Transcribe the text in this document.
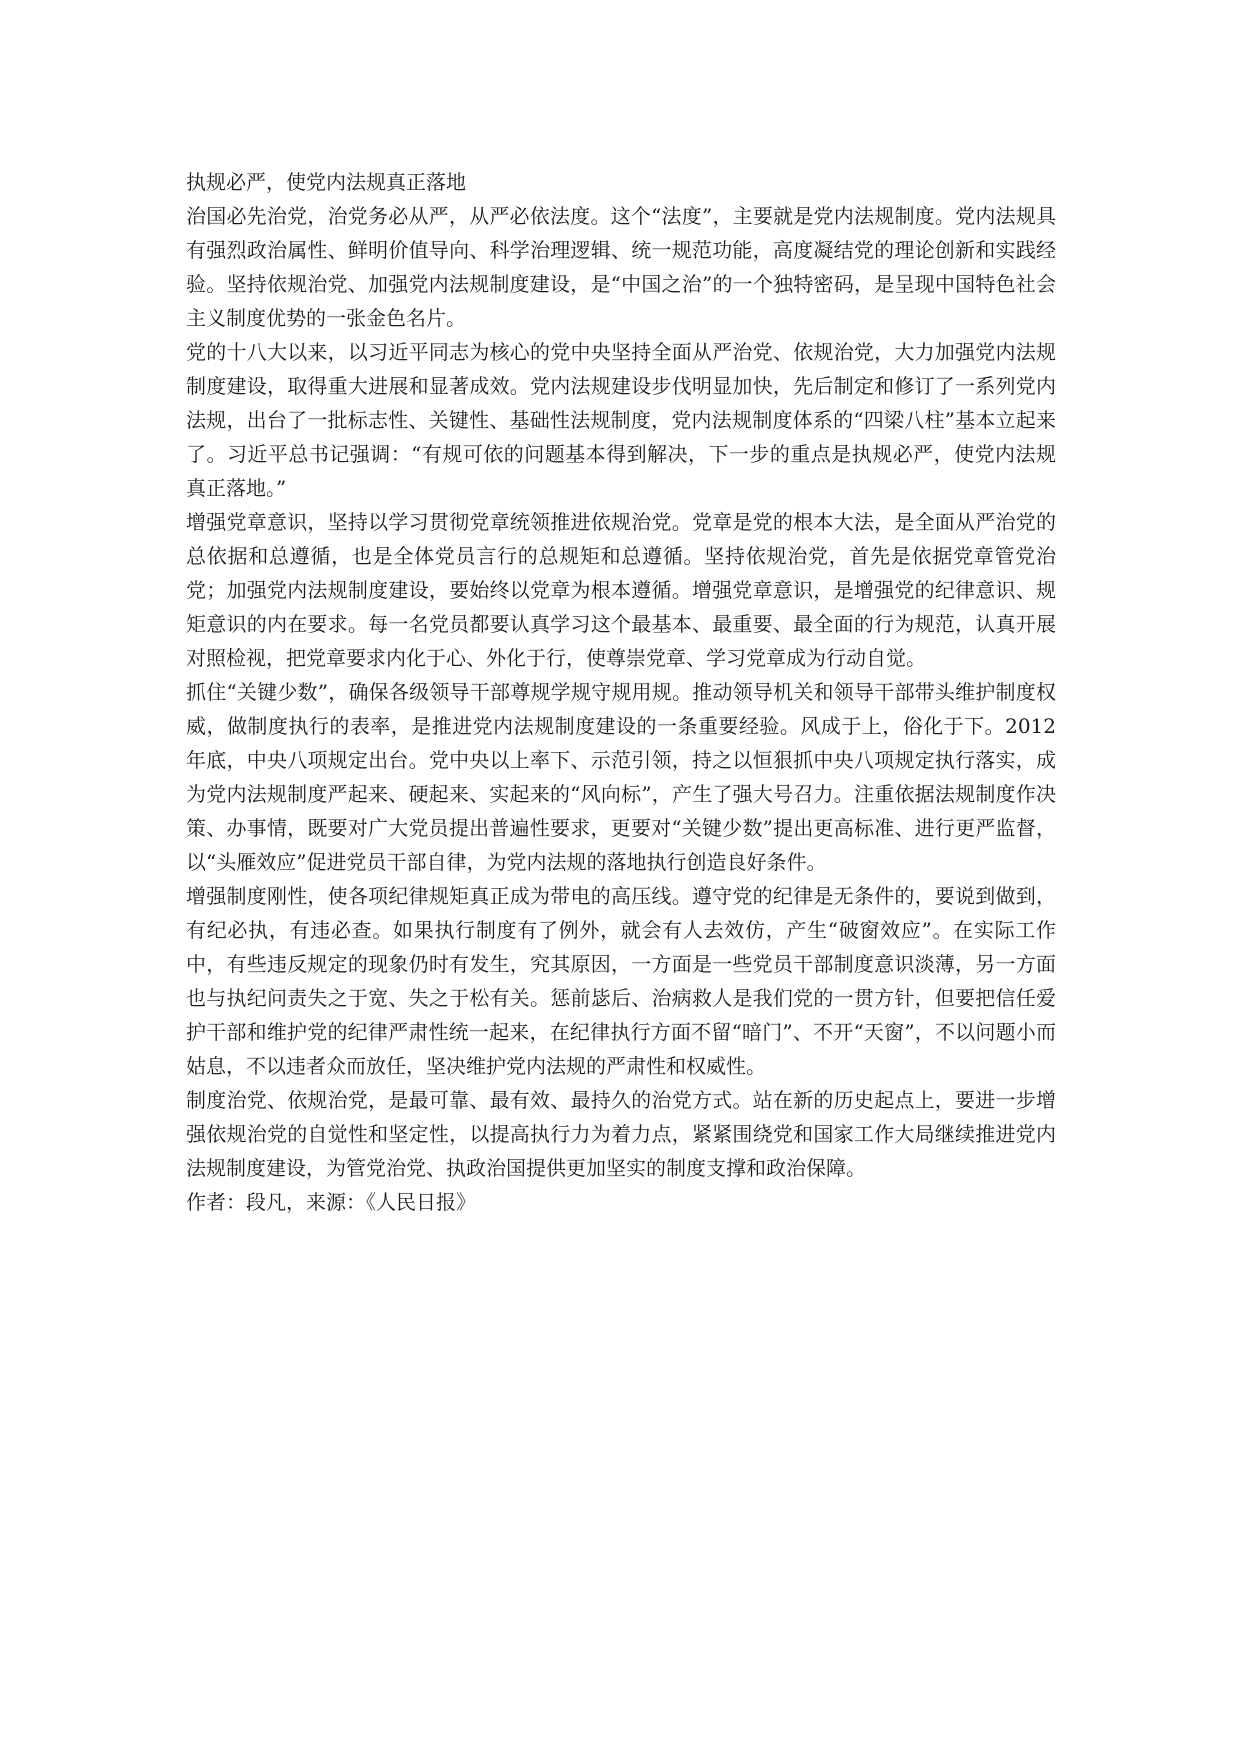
执规必严，使党内法规真正落地

治国必先治党，治党务必从严，从严必依法度。这个“法度”，主要就是党内法规制度。党内法规具有强烈政治属性、鲜明价值导向、科学治理逻辑、统一规范功能，高度凝结党的理论创新和实践经验。坚持依规治党、加强党内法规制度建设，是“中国之治”的一个独特密码，是呈现中国特色社会主义制度优势的一张金色名片。

党的十八大以来，以习近平同志为核心的党中央坚持全面从严治党、依规治党，大力加强党内法规制度建设，取得重大进展和显著成效。党内法规建设步伐明显加快，先后制定和修订了一系列党内法规，出台了一批标志性、关键性、基础性法规制度，党内法规制度体系的“四梁八柱”基本立起来了。习近平总书记强调：“有规可依的问题基本得到解决，下一步的重点是执规必严，使党内法规真正落地。”

增强党章意识，坚持以学习贯彻党章统领推进依规治党。党章是党的根本大法，是全面从严治党的总依据和总遵循，也是全体党员言行的总规矩和总遵循。坚持依规治党，首先是依据党章管党治党；加强党内法规制度建设，要始终以党章为根本遵循。增强党章意识，是增强党的纪律意识、规矩意识的内在要求。每一名党员都要认真学习这个最基本、最重要、最全面的行为规范，认真开展对照检视，把党章要求内化于心、外化于行，使尊崇党章、学习党章成为行动自觉。

抓住“关键少数”，确保各级领导干部尊规学规守规用规。推动领导机关和领导干部带头维护制度权威，做制度执行的表率，是推进党内法规制度建设的一条重要经验。风成于上，俗化于下。2012年底，中央八项规定出台。党中央以上率下、示范引领，持之以恒狠抓中央八项规定执行落实，成为党内法规制度严起来、硬起来、实起来的“风向标”，产生了强大号召力。注重依据法规制度作决策、办事情，既要对广大党员提出普遍性要求，更要对“关键少数”提出更高标准、进行更严监督，以“头雁效应”促进党员干部自律，为党内法规的落地执行创造良好条件。

增强制度刚性，使各项纪律规矩真正成为带电的高压线。遵守党的纪律是无条件的，要说到做到，有纪必执，有违必查。如果执行制度有了例外，就会有人去效仿，产生“破窗效应”。在实际工作中，有些违反规定的现象仍时有发生，究其原因，一方面是一些党员干部制度意识淡薄，另一方面也与执纪问责失之于宽、失之于松有关。惩前毖后、治病救人是我们党的一贯方针，但要把信任爱护干部和维护党的纪律严肃性统一起来，在纪律执行方面不留“暗门”、不开“天窗”，不以问题小而姑息，不以违者众而放任，坚决维护党内法规的严肃性和权威性。

制度治党、依规治党，是最可靠、最有效、最持久的治党方式。站在新的历史起点上，要进一步增强依规治党的自觉性和坚定性，以提高执行力为着力点，紧紧围绕党和国家工作大局继续推进党内法规制度建设，为管党治党、执政治国提供更加坚实的制度支撑和政治保障。

作者：段凡，来源：《人民日报》
